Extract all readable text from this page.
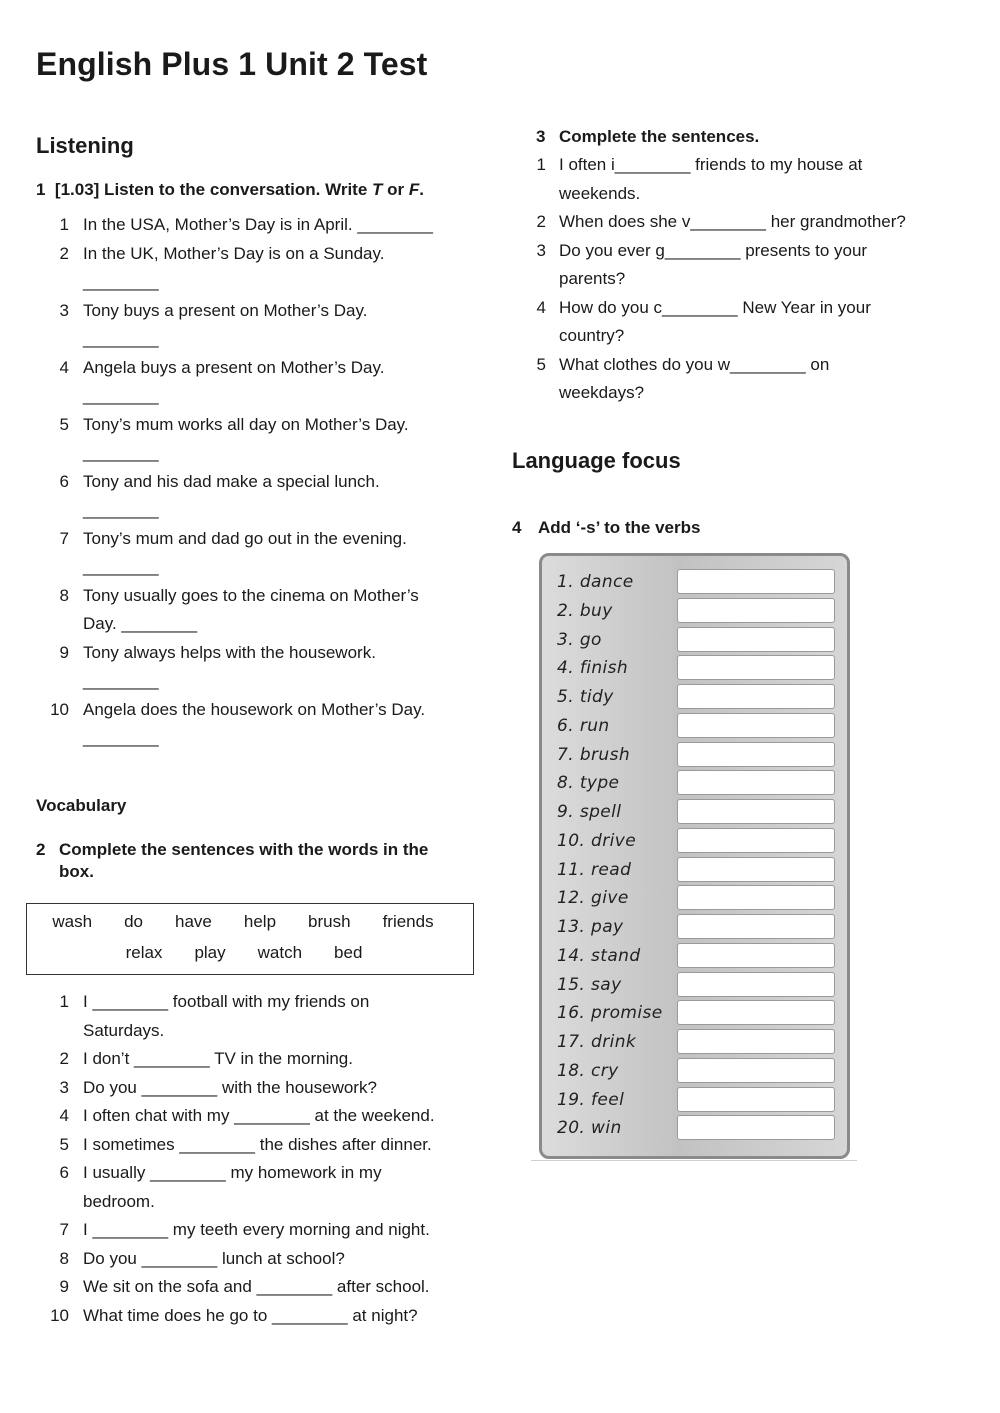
English Plus 1 Unit 2 Test
Listening
1 [1.03] Listen to the conversation. Write T or F.
1 In the USA, Mother’s Day is in April. ________
2 In the UK, Mother’s Day is on a Sunday.
________
3 Tony buys a present on Mother’s Day.
________
4 Angela buys a present on Mother’s Day.
________
5 Tony’s mum works all day on Mother’s Day.
________
6 Tony and his dad make a special lunch.
________
7 Tony’s mum and dad go out in the evening.
________
8 Tony usually goes to the cinema on Mother’s
Day. ________
9 Tony always helps with the housework.
________
10 Angela does the housework on Mother’s Day.
________
Vocabulary
2 Complete the sentences with the words in the
box.
wash do have help brush friends
relax play watch bed
1 I ________ football with my friends on
Saturdays.
2 I don’t ________ TV in the morning.
3 Do you ________ with the housework?
4 I often chat with my ________ at the weekend.
5 I sometimes ________ the dishes after dinner.
6 I usually ________ my homework in my
bedroom.
7 I ________ my teeth every morning and night.
8 Do you ________ lunch at school?
9 We sit on the sofa and ________ after school.
10 What time does he go to ________ at night?
3 Complete the sentences.
1 I often i________ friends to my house at
weekends.
2 When does she v________ her grandmother?
3 Do you ever g________ presents to your
parents?
4 How do you c________ New Year in your
country?
5 What clothes do you w________ on
weekdays?
Language focus
4 Add ‘-s’ to the verbs
1. dance
2. buy
3. go
4. finish
5. tidy
6. run
7. brush
8. type
9. spell
10. drive
11. read
12. give
13. pay
14. stand
15. say
16. promise
17. drink
18. cry
19. feel
20. win
